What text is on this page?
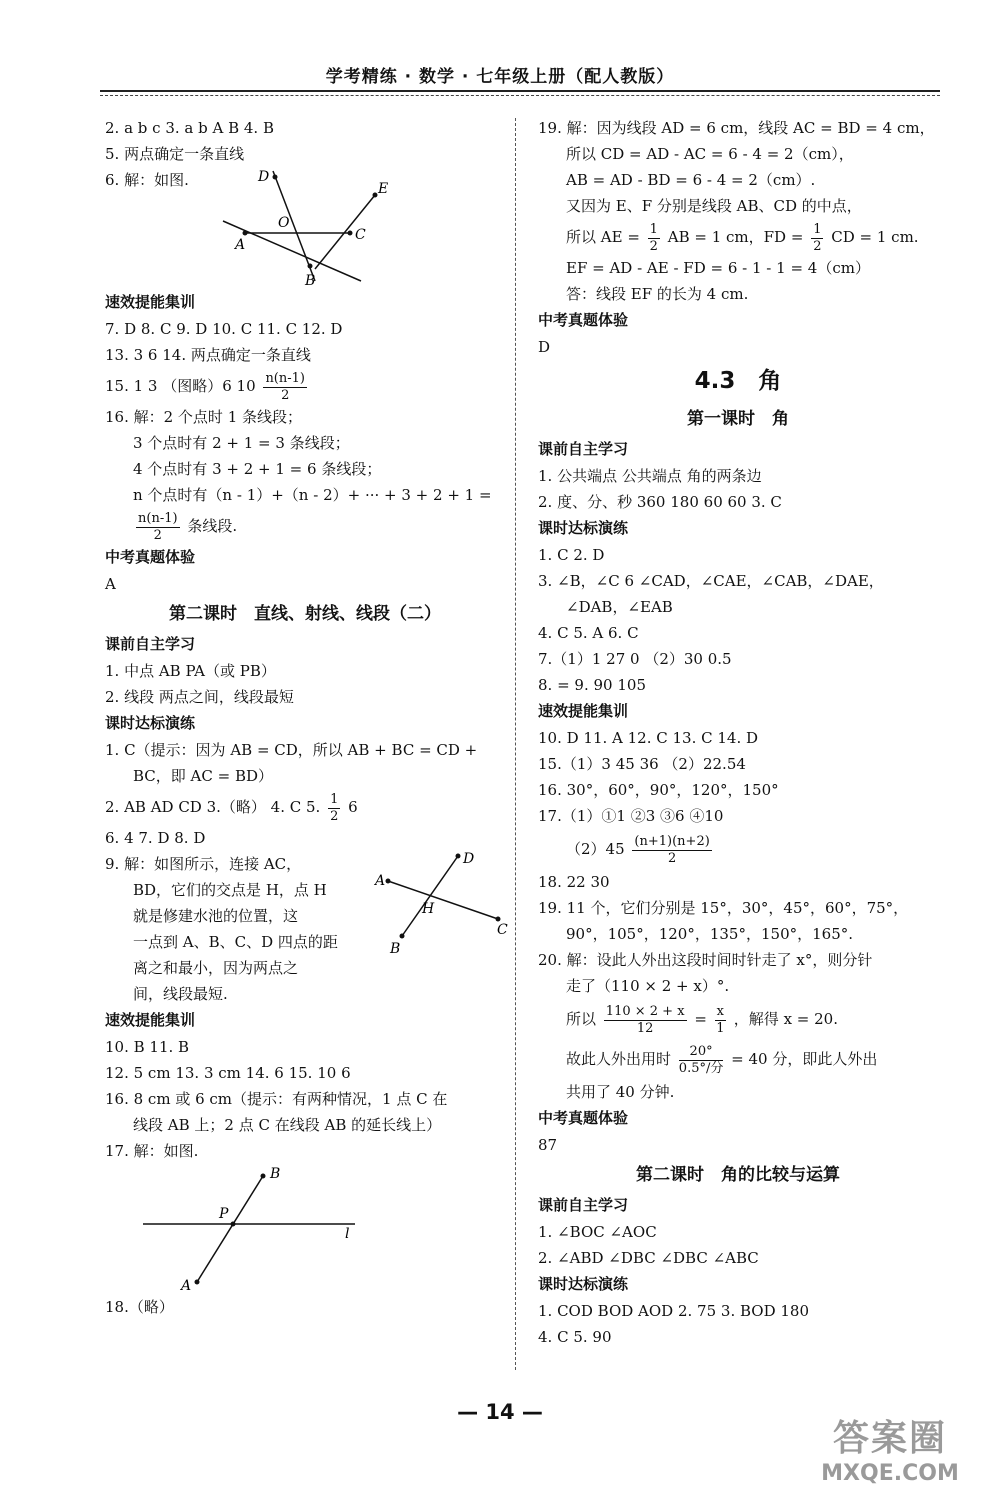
学考精练 · 数学 · 七年级上册（配人教版）
2. a b c 3. a b A B 4. B
5. 两点确定一条直线
6. 解：如图.	D
E
O
A
C
B
速效提能集训
7. D 8. C 9. D 10. C 11. C 12. D
13. 3 6 14. 两点确定一条直线
15. 1 3 （图略）6 $10 \frac{n(n-1)}{2}$
16. 解：2 个点时 1 条线段；
3 个点时有 2 + 1 = 3 条线段；
4 个点时有 3 + 2 + 1 = 6 条线段；
n 个点时有（n - 1）+（n - 2）+ ··· + 3 + 2 + 1 =
$\frac{n(n-1)}{2}$ 条线段.
中考真题体验
A
第二课时　直线、射线、线段（二）
课前自主学习
1. 中点 AB PA（或 PB）
2. 线段 两点之间，线段最短
课时达标演练
1. C（提示：因为 AB = CD，所以 AB + BC = CD +
BC，即 AC = BD）
2. AB AD CD 3.（略） 4. C 5. $\frac{1}{2} 6$
6. 4 7. D 8. D
9. 解：如图所示，连接 AC，
BD，它们的交点是 H，点 H
就是修建水池的位置，这
一点到 A、B、C、D 四点的距
离之和最小，因为两点之
间，线段最短.
A
D
H
C
B
速效提能集训
10. B 11. B
12. 5 cm 13. 3 cm 14. 6 15. 10 6
16. 8 cm 或 6 cm（提示：有两种情况，1 点 C 在
线段 AB 上；2 点 C 在线段 AB 的延长线上）
17. 解：如图.
B
P
l
A
18.（略）
19. 解：因为线段 AD = 6 cm，线段 AC = BD = 4 cm，
所以 CD = AD - AC = 6 - 4 = 2（cm），
AB = AD - BD = 6 - 4 = 2（cm）.
又因为 E、F 分别是线段 AB、CD 的中点，
所以 AE = $\frac{1}{2}$ AB = 1 cm，FD = $\frac{1}{2}$ CD = 1 cm.
EF = AD - AE - FD = 6 - 1 - 1 = 4（cm）
答：线段 EF 的长为 4 cm.
中考真题体验
D
4.3　角
第一课时　角
课前自主学习
1. 公共端点 公共端点 角的两条边
2. 度、分、秒 360 180 60 60 3. C
课时达标演练
1. C 2. D
3. ∠B，∠C 6 ∠CAD，∠CAE，∠CAB，∠DAE，
∠DAB，∠EAB
4. C 5. A 6. C
7.（1）1 27 0 （2）30 0.5
8. = 9. 90 105
速效提能集训
10. D 11. A 12. C 13. C 14. D
15.（1）3 45 36 （2）22.54
16. 30°，60°，90°，120°，150°
17.（1）①1 ②3 ③6 ④10
$(2)45 \frac{(n+1)(n+2)}{2}$
18. 22 30
19. 11 个，它们分别是 15°，30°，45°，60°，75°，
90°，105°，120°，135°，150°，165°.
20. 解：设此人外出这段时间时针走了 x°，则分针
走了（110 × 2 + x）°.
所以 $\frac{110 \times 2 + x}{12} = \frac{x}{1}$ ，解得 x = 20.
故此人外出用时	20°
0.5°/分 = 40 分，即此人外出
共用了 40 分钟.
中考真题体验
87
第二课时　角的比较与运算
课前自主学习
1. ∠BOC ∠AOC
2. ∠ABD ∠DBC ∠DBC ∠ABC
课时达标演练
1. COD BOD AOD 2. 75 3. BOD 180
4. C 5. 90
— 14 —
答案圈
MXQE.COM
